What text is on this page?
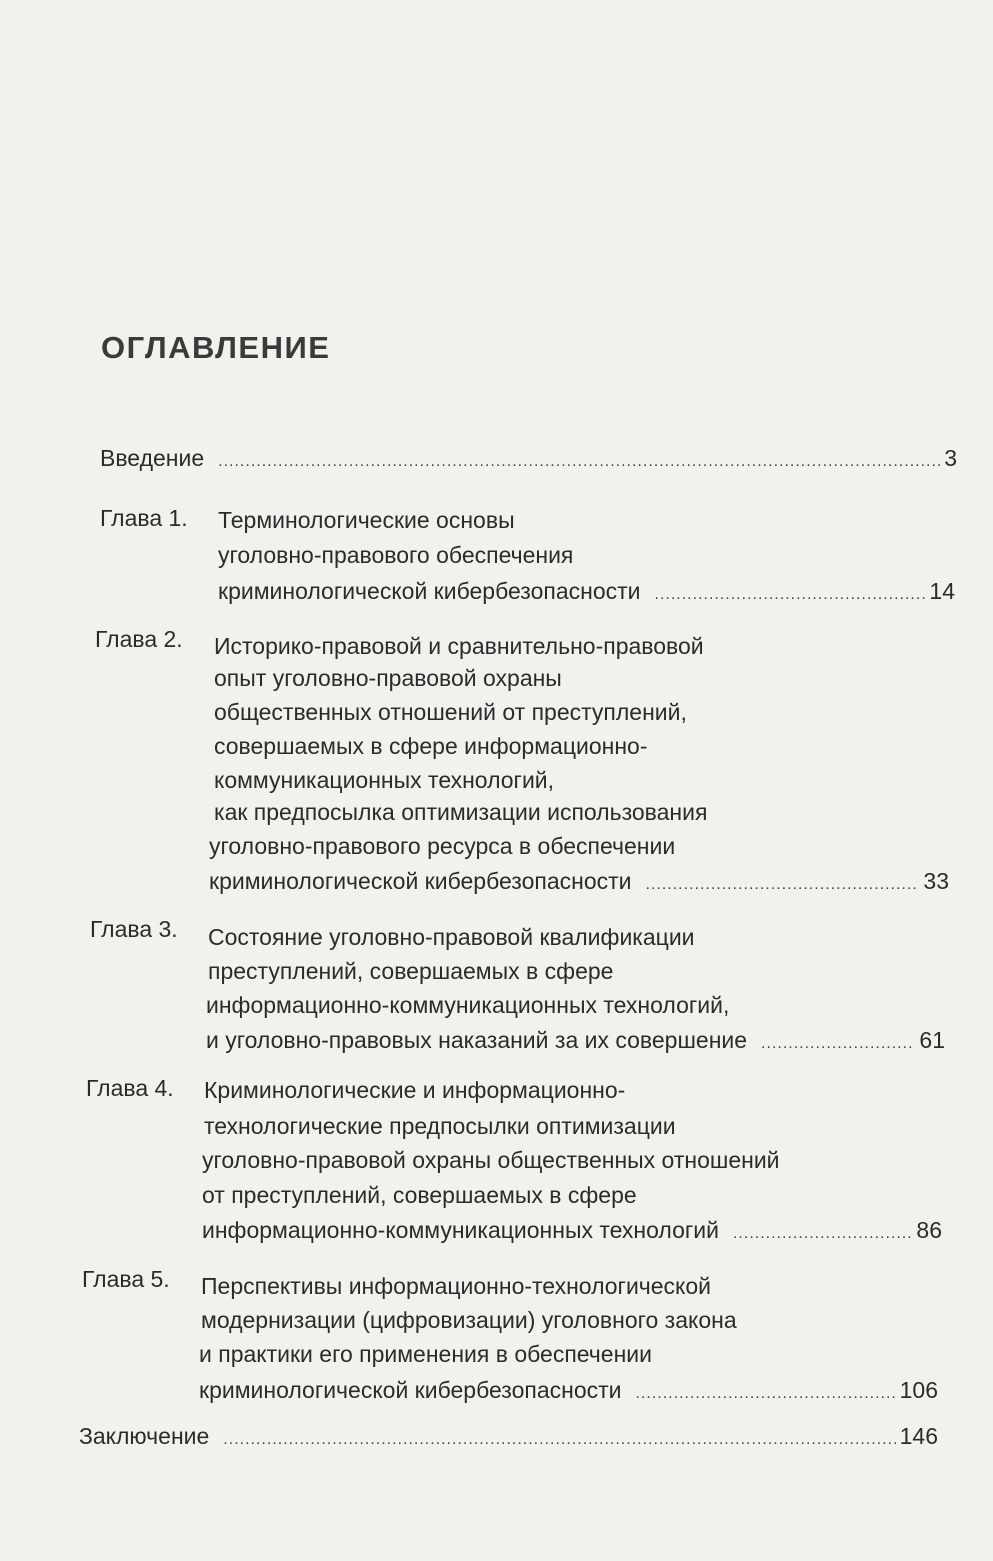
ОГЛАВЛЕНИЕ
Введение .....	3
Глава 1. Терминологические основы
уголовно-правового обеспечения
криминологической кибербезопасности .....	14
Глава 2. Историко-правовой и сравнительно-правовой
опыт уголовно-правовой охраны
общественных отношений от преступлений,
совершаемых в сфере информационно-
коммуникационных технологий,
как предпосылка оптимизации использования
уголовно-правового ресурса в обеспечении
криминологической кибербезопасности .....	33
Глава 3. Состояние уголовно-правовой квалификации
преступлений, совершаемых в сфере
информационно-коммуникационных технологий,
и уголовно-правовых наказаний за их совершение .....	61
Глава 4. Криминологические и информационно-
технологические предпосылки оптимизации
уголовно-правовой охраны общественных отношений
от преступлений, совершаемых в сфере
информационно-коммуникационных технологий .....	86
Глава 5. Перспективы информационно-технологической
модернизации (цифровизации) уголовного закона
и практики его применения в обеспечении
криминологической кибербезопасности .....	106
Заключение .....	146
